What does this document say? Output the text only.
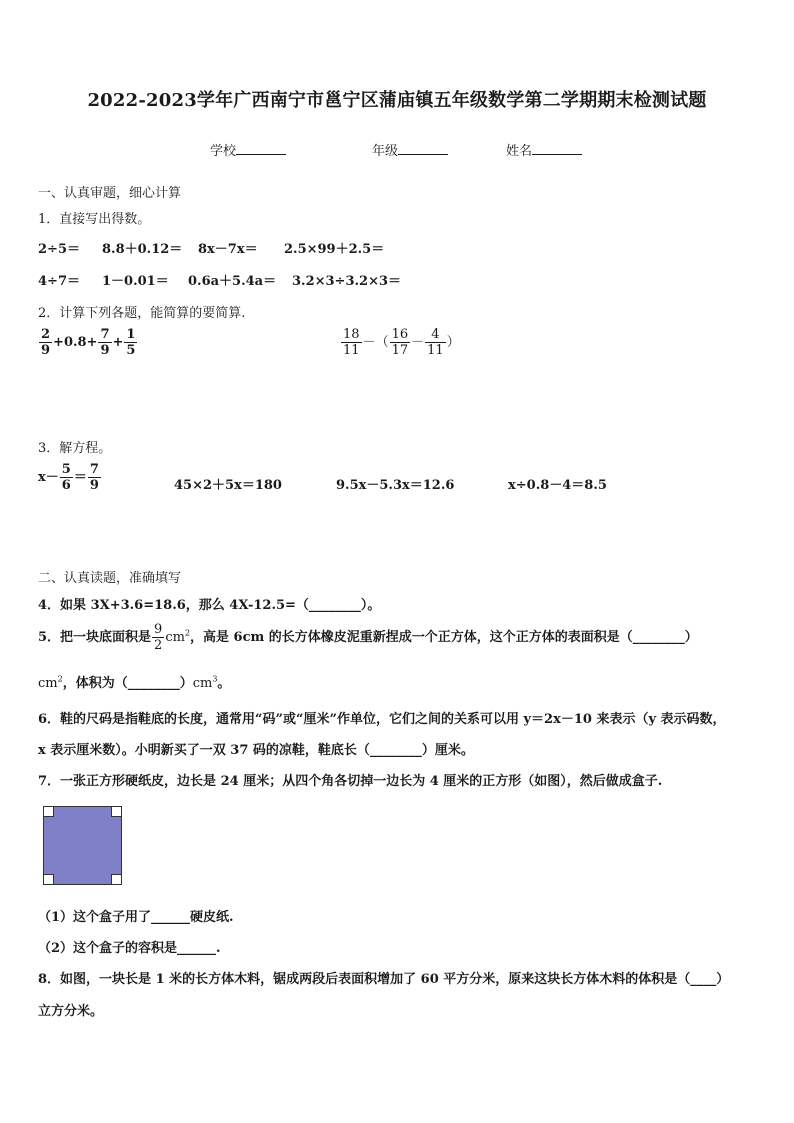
2022-2023学年广西南宁市邕宁区蒲庙镇五年级数学第二学期期末检测试题
学校	年级	姓名
一、认真审题，细心计算
1．直接写出得数。
2÷5＝ 8.8＋0.12＝ 8x－7x＝ 2.5×99＋2.5＝
4÷7＝ 1－0.01＝ 0.6a＋5.4a＝ 3.2×3÷3.2×3＝
2．计算下列各题，能简算的要简算.
$\frac{2}{9} +0.8+ \frac{7}{9} + \frac{1}{5}$	$\frac{18}{11}$ －（ $\frac{16}{17} - \frac{4}{11}$ ）
3．解方程。
$x- \frac{5}{6} = \frac{7}{9}$	45×2＋5x＝180	9.5x－5.3x＝12.6	x÷0.8－4＝8.5
二、认真读题，准确填写
4．如果 3X+3.6=18.6，那么 4X-12.5=（________）。
5．把一块底面积是 $\frac{9}{2} cm^2$，高是 6cm 的长方体橡皮泥重新捏成一个正方体，这个正方体的表面积是（________）
$cm^2$，体积为$(\_\_\_\_\_\_\_\_)cm^3$。
6．鞋的尺码是指鞋底的长度，通常用“码”或“厘米”作单位，它们之间的关系可以用 y＝2x－10 来表示（y 表示码数，
x 表示厘米数）。小明新买了一双 37 码的凉鞋，鞋底长（________）厘米。
7．一张正方形硬纸皮，边长是 24 厘米；从四个角各切掉一边长为 4 厘米的正方形（如图），然后做成盒子.
（1）这个盒子用了______硬皮纸.
（2）这个盒子的容积是______.
8．如图，一块长是 1 米的长方体木料，锯成两段后表面积增加了 60 平方分米，原来这块长方体木料的体积是（____）
立方分米。
